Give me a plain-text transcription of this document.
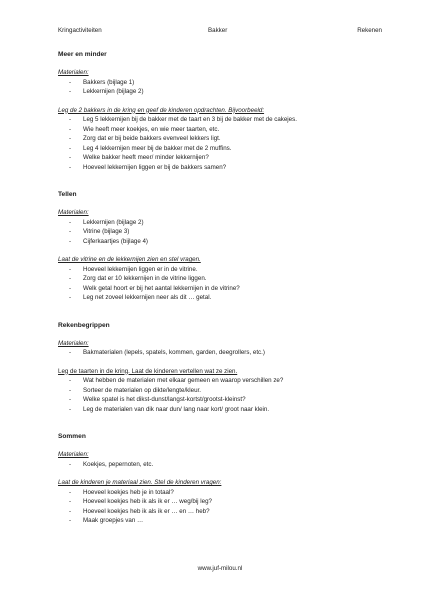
Kringactiviteiten	Bakker	Rekenen
Meer en minder

Materialen:

- Bakkers (bijlage 1)
- Lekkernijen (bijlage 2)

Leg de 2 bakkers in de kring en geef de kinderen opdrachten. Bijvoorbeeld:

- Leg 5 lekkernijen bij de bakker met de taart en 3 bij de bakker met de cakejes.
- Wie heeft meer koekjes, en wie meer taarten, etc.
- Zorg dat er bij beide bakkers evenveel lekkers ligt.
- Leg 4 lekkernijen meer bij de bakker met de 2 muffins.
- Welke bakker heeft meer/ minder lekkernijen?
- Hoeveel lekkernijen liggen er bij de bakkers samen?
Tellen

Materialen:

- Lekkernijen (bijlage 2)
- Vitrine (bijlage 3)
- Cijferkaartjes (bijlage 4)

Laat de vitrine en de lekkernijen zien en stel vragen.

- Hoeveel lekkernijen liggen er in de vitrine.
- Zorg dat er 10 lekkernijen in de vitrine liggen.
- Welk getal hoort er bij het aantal lekkernijen in de vitrine?
- Leg net zoveel lekkernijen neer als dit … getal.
Rekenbegrippen

Materialen:

- Bakmaterialen (lepels, spatels, kommen, garden, deegrollers, etc.)

Leg de taarten in de kring. Laat de kinderen vertellen wat ze zien.

- Wat hebben de materialen met elkaar gemeen en waarop verschillen ze?
- Sorteer de materialen op dikte/lengte/kleur.
- Welke spatel is het dikst-dunst/langst-kortst/grootst-kleinst?
- Leg de materialen van dik naar dun/ lang naar kort/ groot naar klein.
Sommen

Materialen:

- Koekjes, pepernoten, etc.

Laat de kinderen je materiaal zien. Stel de kinderen vragen:

- Hoeveel koekjes heb je in totaal?
- Hoeveel koekjes heb ik als ik er … weg/bij leg?
- Hoeveel koekjes heb ik als ik er … en … heb?
- Maak groepjes van …
www.juf-milou.nl
